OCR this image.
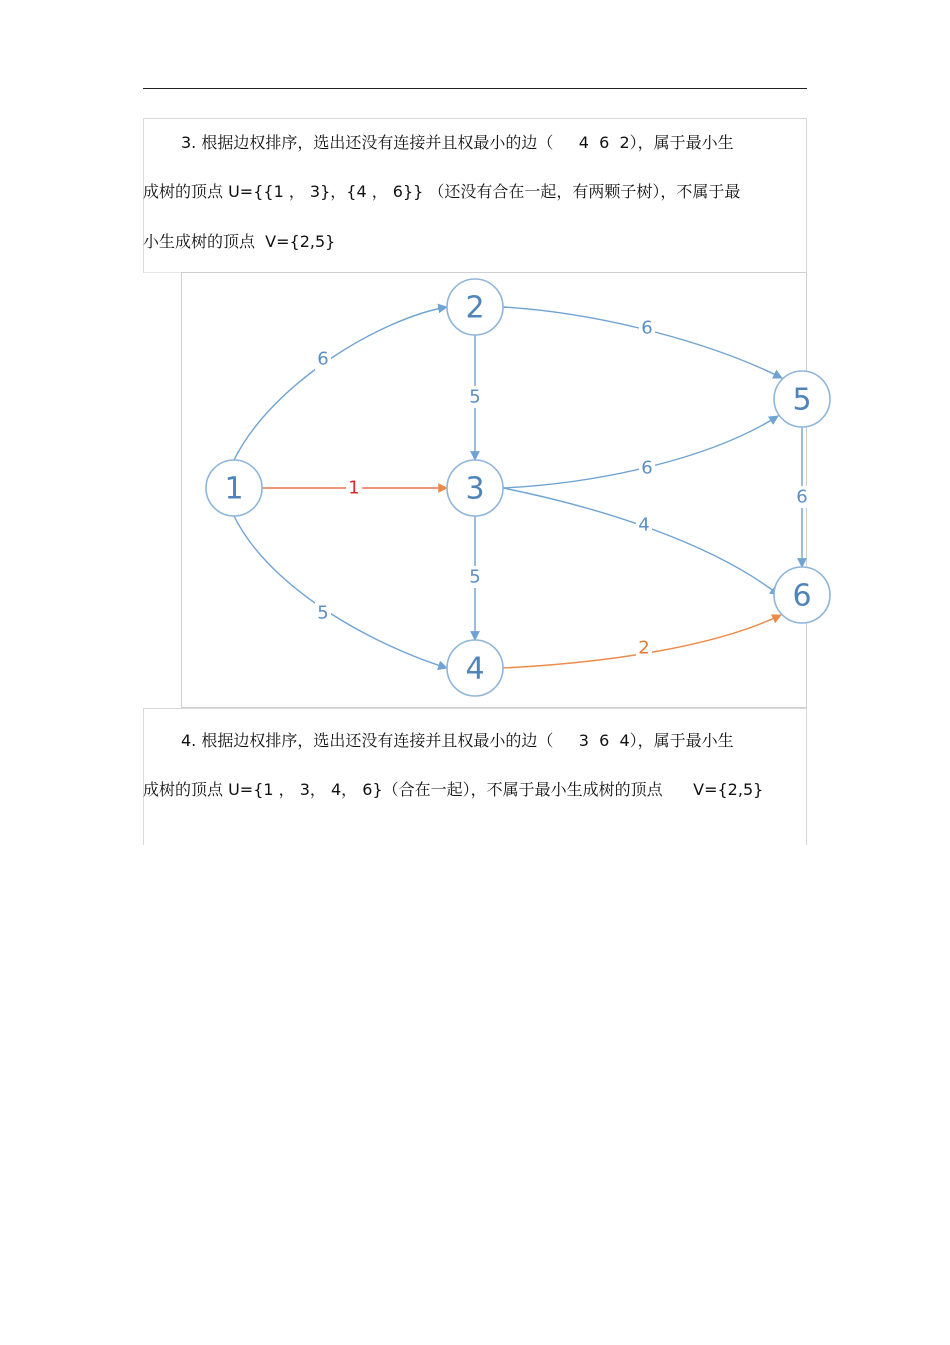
3. 根据边权排序，选出还没有连接并且权最小的边（     4  6  2），属于最小生
成树的顶点 U={{1 ， 3}，{4 ， 6}} （还没有合在一起，有两颗子树），不属于最
小生成树的顶点  V={2,5}
6
1
5
5
6
6
4
5
6
2
1
2
3
4
5
6
4. 根据边权排序，选出还没有连接并且权最小的边（     3  6  4），属于最小生
成树的顶点 U={1 ， 3， 4， 6}（合在一起），不属于最小生成树的顶点      V={2,5}
